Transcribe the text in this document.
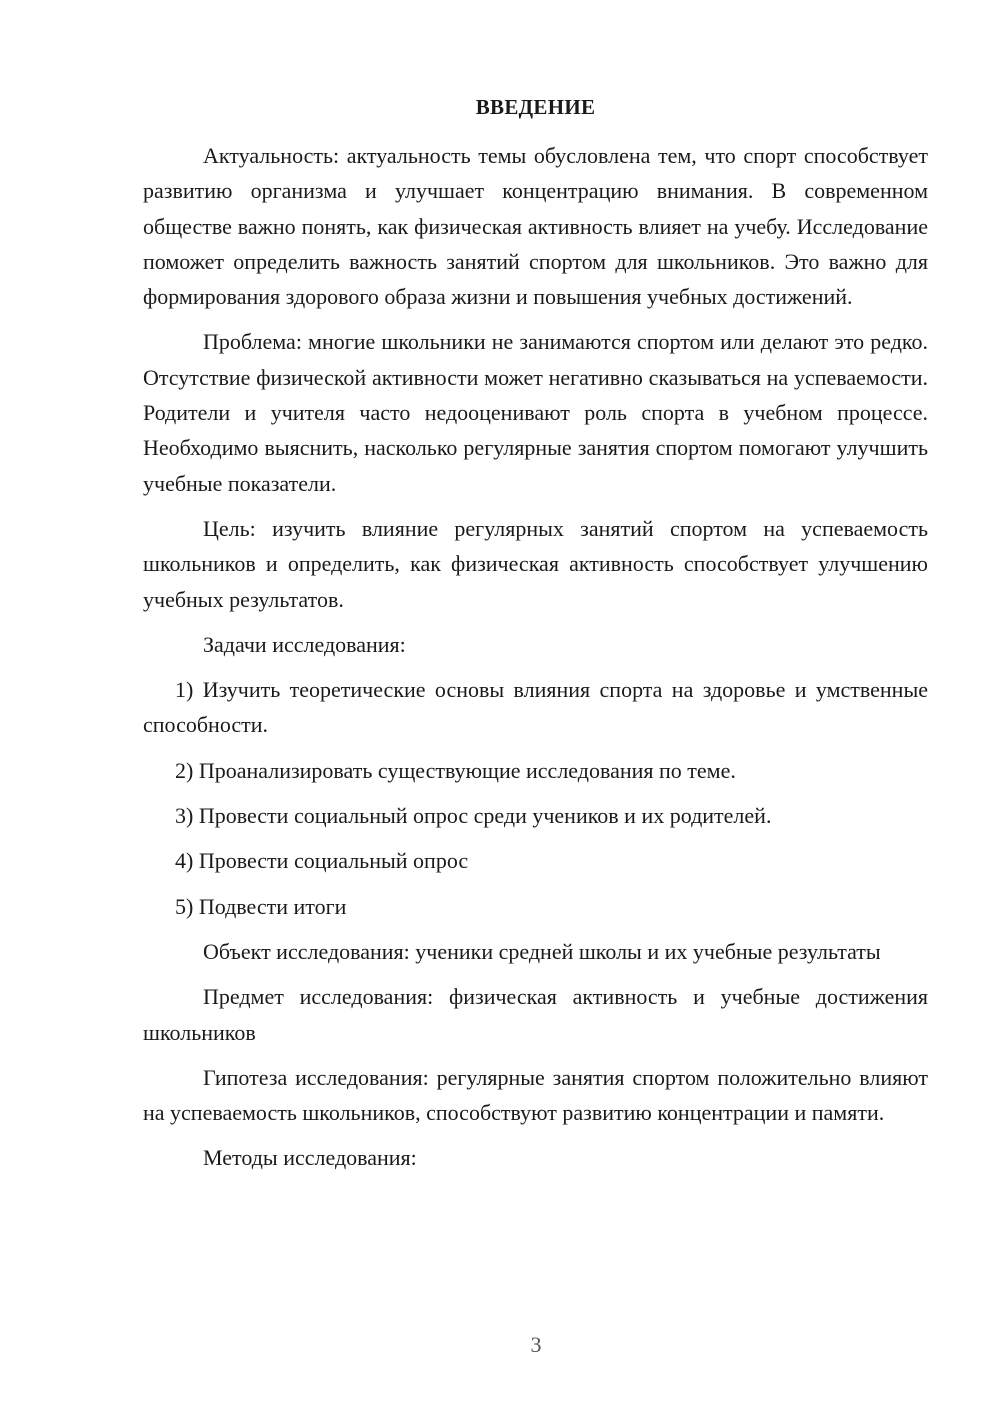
ВВЕДЕНИЕ

Актуальность: актуальность темы обусловлена тем, что спорт способствует развитию организма и улучшает концентрацию внимания. В современном обществе важно понять, как физическая активность влияет на учебу. Исследование поможет определить важность занятий спортом для школьников. Это важно для формирования здорового образа жизни и повышения учебных достижений.

Проблема: многие школьники не занимаются спортом или делают это редко. Отсутствие физической активности может негативно сказываться на успеваемости. Родители и учителя часто недооценивают роль спорта в учебном процессе. Необходимо выяснить, насколько регулярные занятия спортом помогают улучшить учебные показатели.

Цель: изучить влияние регулярных занятий спортом на успеваемость школьников и определить, как физическая активность способствует улучшению учебных результатов.

Задачи исследования:

1) Изучить теоретические основы влияния спорта на здоровье и умственные способности.

2) Проанализировать существующие исследования по теме.

3) Провести социальный опрос среди учеников и их родителей.

4) Провести социальный опрос

5) Подвести итоги

Объект исследования: ученики средней школы и их учебные результаты

Предмет исследования: физическая активность и учебные достижения школьников

Гипотеза исследования: регулярные занятия спортом положительно влияют на успеваемость школьников, способствуют развитию концентрации и памяти.

Методы исследования:

3
